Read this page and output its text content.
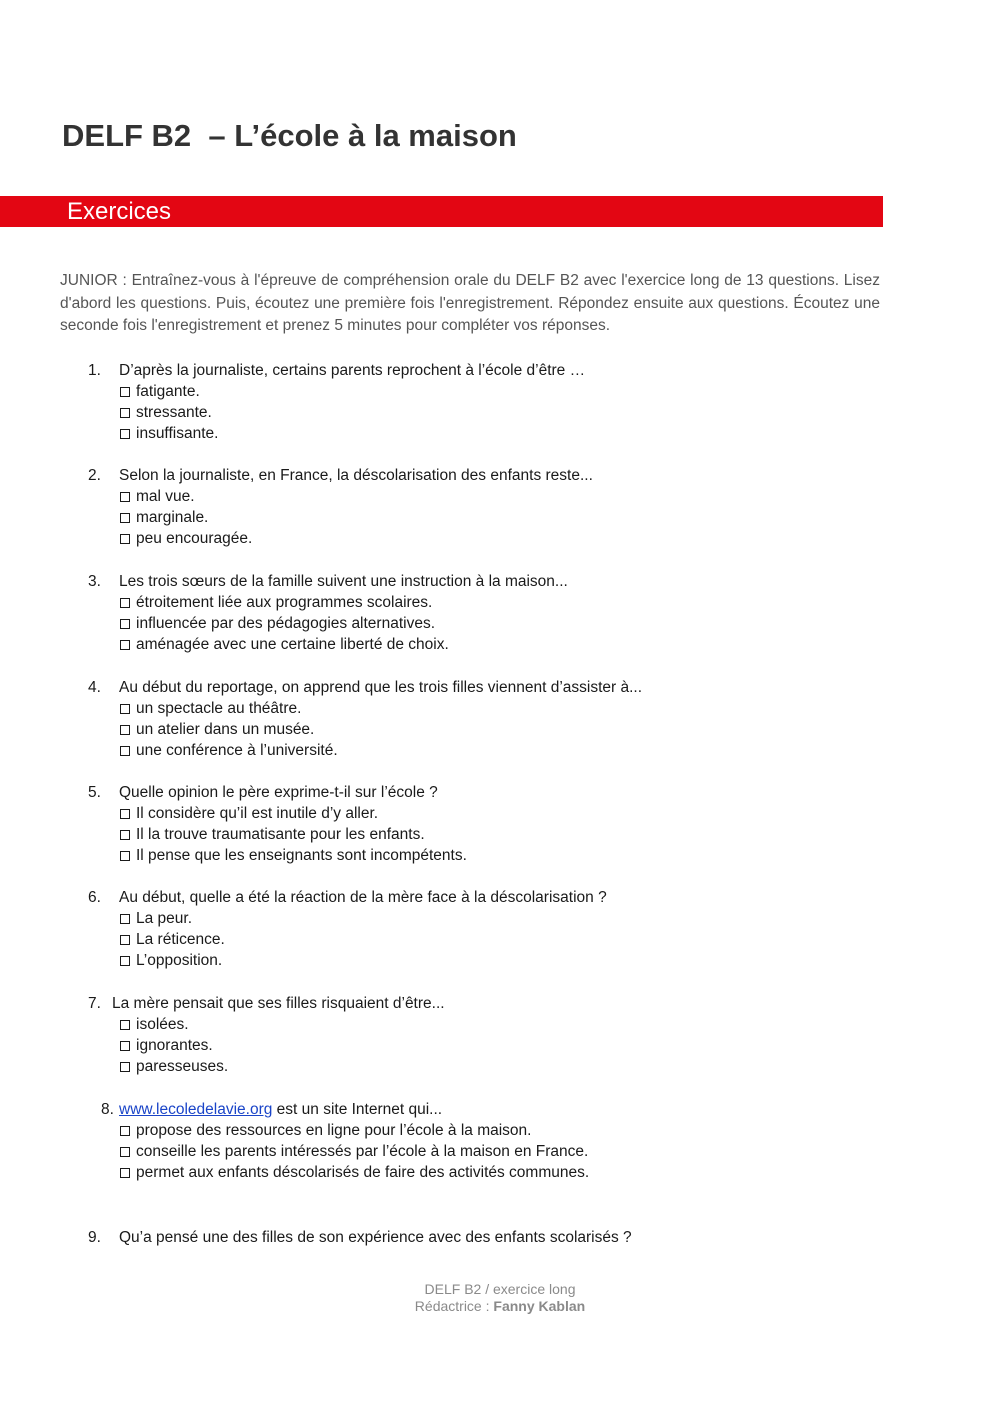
DELF B2  – L’école à la maison
Exercices

JUNIOR : Entraînez-vous à l'épreuve de compréhension orale du DELF B2 avec l'exercice long de 13 questions. Lisez d'abord les questions. Puis, écoutez une première fois l'enregistrement. Répondez ensuite aux questions. Écoutez une seconde fois l'enregistrement et prenez 5 minutes pour compléter vos réponses.

1. D’après la journaliste, certains parents reprochent à l’école d’être …
fatigante.
stressante.
insuffisante.
2. Selon la journaliste, en France, la déscolarisation des enfants reste...
mal vue.
marginale.
peu encouragée.
3. Les trois sœurs de la famille suivent une instruction à la maison...
étroitement liée aux programmes scolaires.
influencée par des pédagogies alternatives.
aménagée avec une certaine liberté de choix.
4. Au début du reportage, on apprend que les trois filles viennent d’assister à...
un spectacle au théâtre.
un atelier dans un musée.
une conférence à l’université.
5. Quelle opinion le père exprime-t-il sur l’école ?
Il considère qu’il est inutile d’y aller.
Il la trouve traumatisante pour les enfants.
Il pense que les enseignants sont incompétents.
6. Au début, quelle a été la réaction de la mère face à la déscolarisation ?
La peur.
La réticence.
L’opposition.
7. La mère pensait que ses filles risquaient d’être...
isolées.
ignorantes.
paresseuses.
8. www.lecoledelavie.org est un site Internet qui...
propose des ressources en ligne pour l’école à la maison.
conseille les parents intéressés par l’école à la maison en France.
permet aux enfants déscolarisés de faire des activités communes.
9. Qu’a pensé une des filles de son expérience avec des enfants scolarisés ?
DELF B2 / exercice long
Rédactrice : Fanny Kablan
